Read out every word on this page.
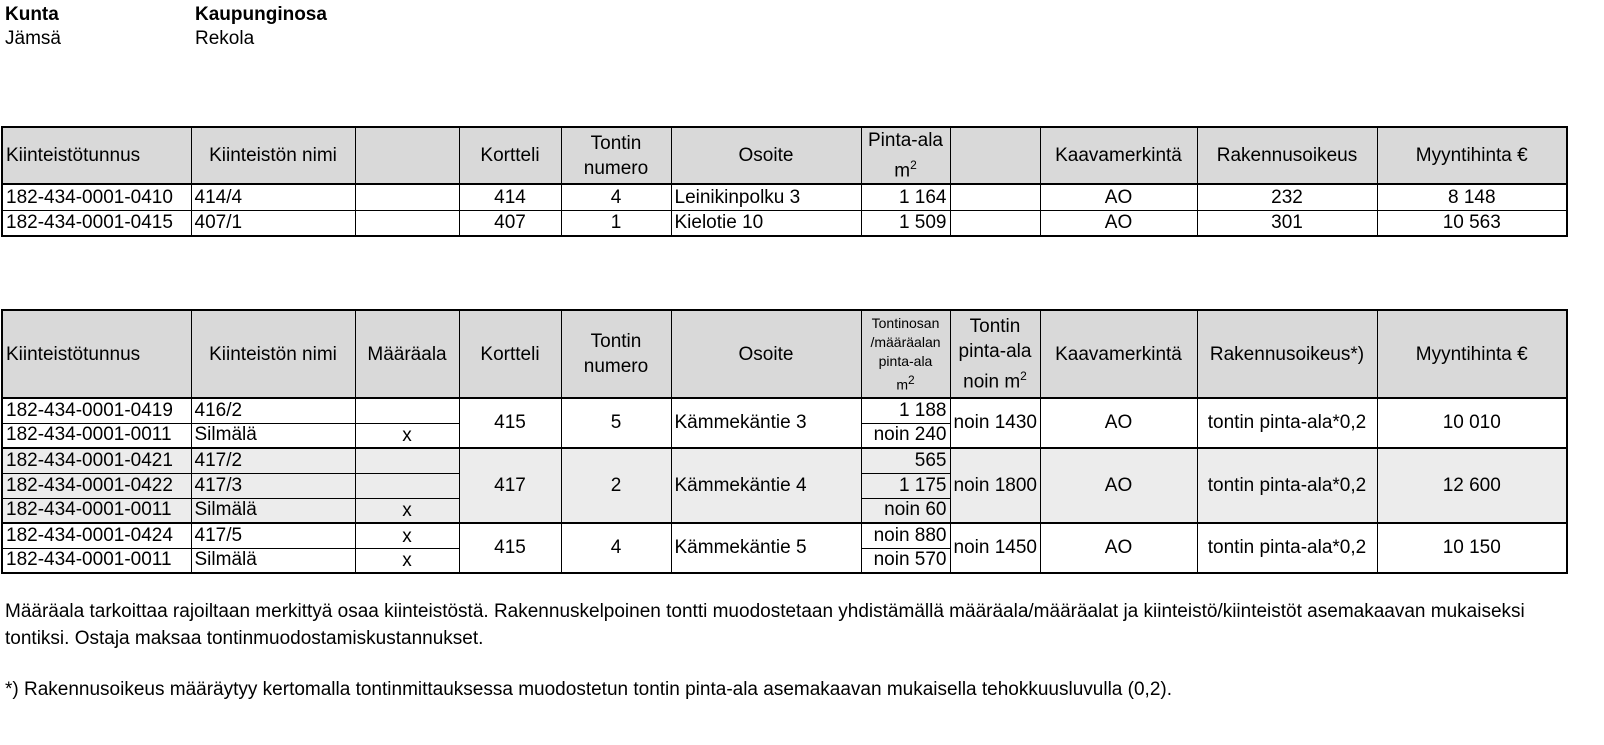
Kunta
Jämsä
Kaupunginosa
Rekola
Kiinteistötunnus	Kiinteistön nimi		Kortteli	Tontin
numero	Osoite	Pinta-ala
$m^2$		Kaavamerkintä	Rakennusoikeus	Myyntihinta €
182-434-0001-0410	414/4		414	4	Leinikinpolku 3	1 164		AO	232	8 148
182-434-0001-0415	407/1		407	1	Kielotie 10	1 509		AO	301	10 563
Kiinteistötunnus	Kiinteistön nimi	Määräala	Kortteli	Tontin
numero	Osoite	Tontinosan
/määräalan
pinta-ala
$m^2$	Tontin
pinta-ala
noin $m^2$	Kaavamerkintä	Rakennusoikeus*)	Myyntihinta €
182-434-0001-0419	416/2		415	5	Kämmekäntie 3	1 188	noin 1430	AO	tontin pinta-ala*0,2	10 010
182-434-0001-0011	Silmälä	x				noin 240				
182-434-0001-0421	417/2		417	2	Kämmekäntie 4	565	noin 1800	AO	tontin pinta-ala*0,2	12 600
182-434-0001-0422	417/3					1 175				
182-434-0001-0011	Silmälä	x				noin 60				
182-434-0001-0424	417/5	x	415	4	Kämmekäntie 5	noin 880	noin 1450	AO	tontin pinta-ala*0,2	10 150
182-434-0001-0011	Silmälä	x				noin 570				
Määräala tarkoittaa rajoiltaan merkittyä osaa kiinteistöstä. Rakennuskelpoinen tontti muodostetaan yhdistämällä määräala/määräalat ja kiinteistö/kiinteistöt asemakaavan mukaiseksi tontiksi. Ostaja maksaa tontinmuodostamiskustannukset.
*) Rakennusoikeus määräytyy kertomalla tontinmittauksessa muodostetun tontin pinta-ala asemakaavan mukaisella tehokkuusluvulla (0,2).
